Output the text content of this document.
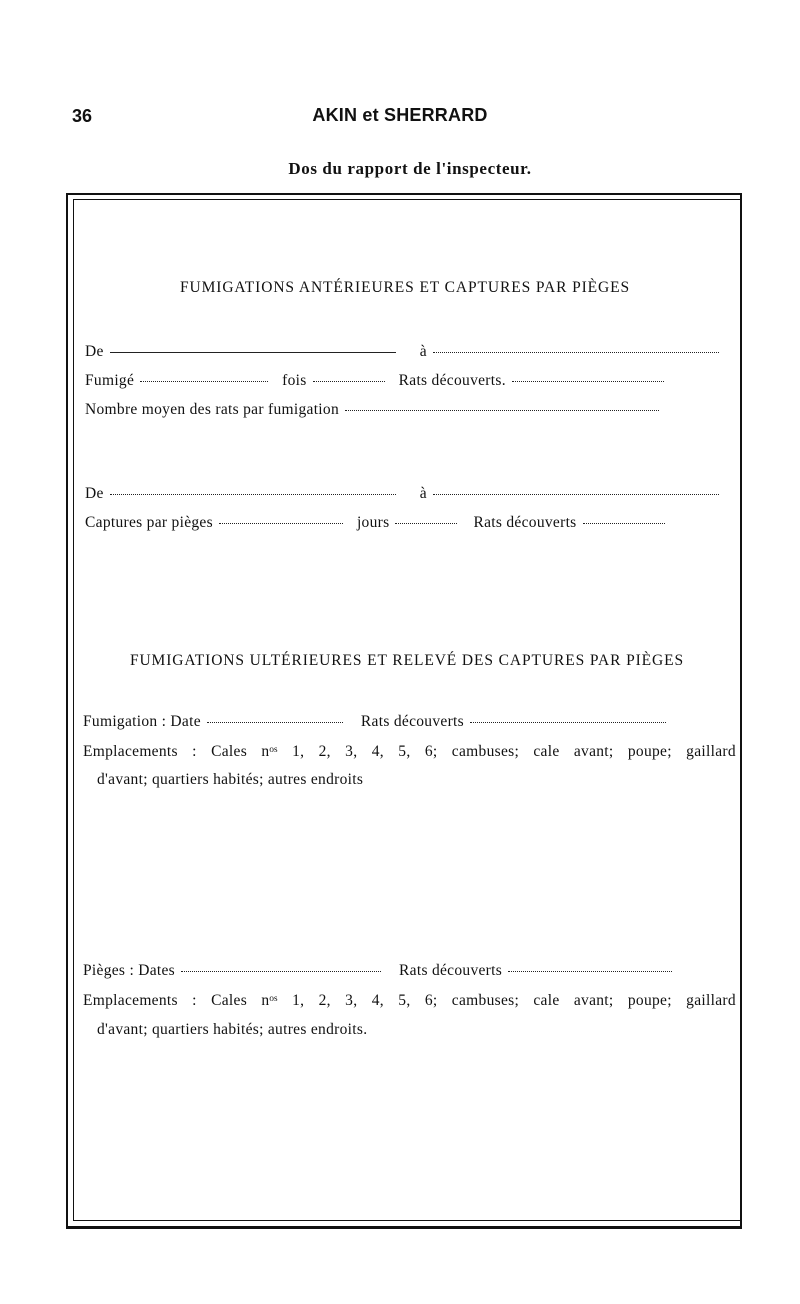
36	AKIN et SHERRARD
Dos du rapport de l'inspecteur.
FUMIGATIONS ANTÉRIEURES ET CAPTURES PAR PIÈGES
De	à
Fumigé	fois	Rats découverts.
Nombre moyen des rats par fumigation
De	à
Captures par pièges	jours	Rats découverts
FUMIGATIONS ULTÉRIEURES ET RELEVÉ DES CAPTURES PAR PIÈGES
Fumigation : Date	Rats découverts
Emplacements : Cales nᵒˢ 1, 2, 3, 4, 5, 6; cambuses; cale avant; poupe; gaillard
d'avant; quartiers habités; autres endroits
Pièges : Dates	Rats découverts
Emplacements : Cales nᵒˢ 1, 2, 3, 4, 5, 6; cambuses; cale avant; poupe; gaillard
d'avant; quartiers habités; autres endroits.
